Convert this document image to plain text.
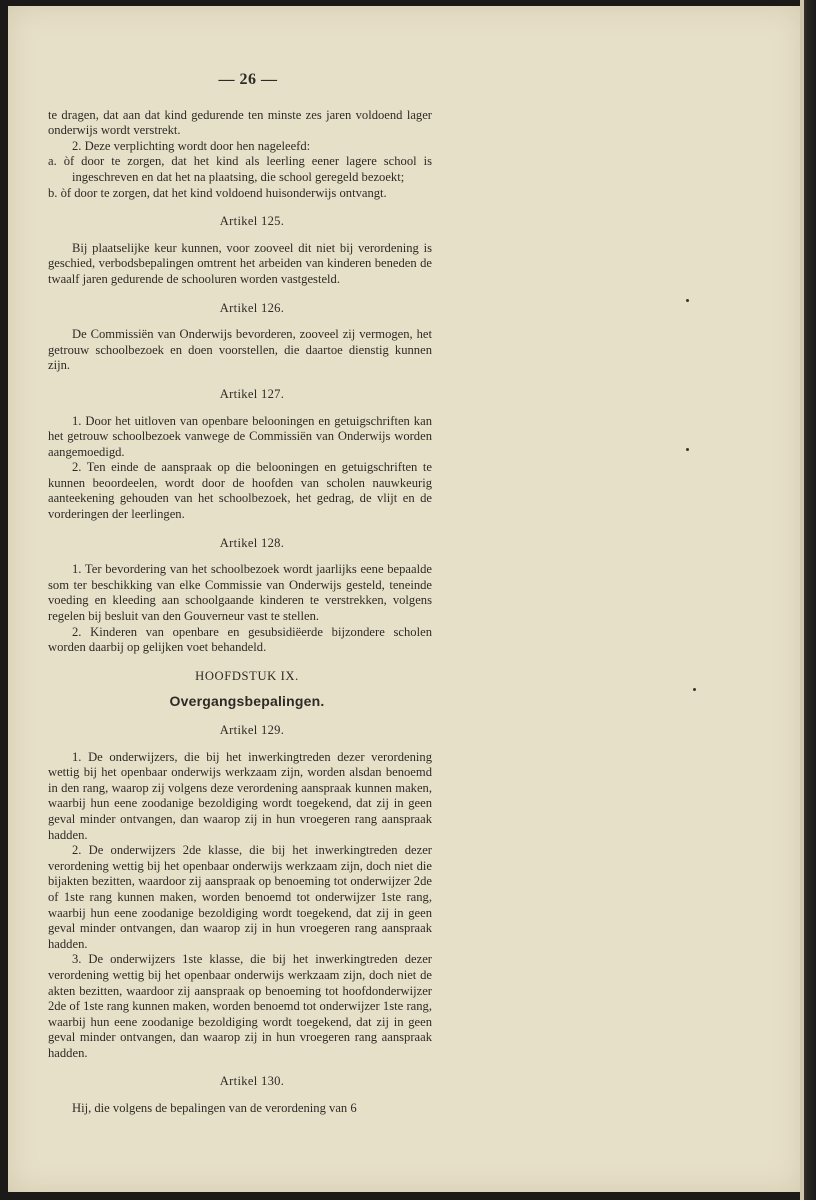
— 26 —

te dragen, dat aan dat kind gedurende ten minste zes jaren voldoend lager onderwijs wordt verstrekt.

2. Deze verplichting wordt door hen nageleefd:

a. òf door te zorgen, dat het kind als leerling eener lagere school is ingeschreven en dat het na plaatsing, die school geregeld bezoekt;

b. òf door te zorgen, dat het kind voldoend huisonderwijs ontvangt.

Artikel 125.

Bij plaatselijke keur kunnen, voor zooveel dit niet bij verordening is geschied, verbodsbepalingen omtrent het arbeiden van kinderen beneden de twaalf jaren gedurende de schooluren worden vastgesteld.

Artikel 126.

De Commissiën van Onderwijs bevorderen, zooveel zij vermogen, het getrouw schoolbezoek en doen voorstellen, die daartoe dienstig kunnen zijn.

Artikel 127.

1. Door het uitloven van openbare belooningen en getuigschriften kan het getrouw schoolbezoek vanwege de Commissiën van Onderwijs worden aangemoedigd.

2. Ten einde de aanspraak op die belooningen en getuigschriften te kunnen beoordeelen, wordt door de hoofden van scholen nauwkeurig aanteekening gehouden van het schoolbezoek, het gedrag, de vlijt en de vorderingen der leerlingen.

Artikel 128.

1. Ter bevordering van het schoolbezoek wordt jaarlijks eene bepaalde som ter beschikking van elke Commissie van Onderwijs gesteld, teneinde voeding en kleeding aan schoolgaande kinderen te verstrekken, volgens regelen bij besluit van den Gouverneur vast te stellen.

2. Kinderen van openbare en gesubsidiëerde bijzondere scholen worden daarbij op gelijken voet behandeld.

HOOFDSTUK IX.
Overgangsbepalingen.
Artikel 129.

1. De onderwijzers, die bij het inwerkingtreden dezer verordening wettig bij het openbaar onderwijs werkzaam zijn, worden alsdan benoemd in den rang, waarop zij volgens deze verordening aanspraak kunnen maken, waarbij hun eene zoodanige bezoldiging wordt toegekend, dat zij in geen geval minder ontvangen, dan waarop zij in hun vroegeren rang aanspraak hadden.

2. De onderwijzers 2de klasse, die bij het inwerkingtreden dezer verordening wettig bij het openbaar onderwijs werkzaam zijn, doch niet die bijakten bezitten, waardoor zij aanspraak op benoeming tot onderwijzer 2de of 1ste rang kunnen maken, worden benoemd tot onderwijzer 1ste rang, waarbij hun eene zoodanige bezoldiging wordt toegekend, dat zij in geen geval minder ontvangen, dan waarop zij in hun vroegeren rang aanspraak hadden.

3. De onderwijzers 1ste klasse, die bij het inwerkingtreden dezer verordening wettig bij het openbaar onderwijs werkzaam zijn, doch niet de akten bezitten, waardoor zij aanspraak op benoeming tot hoofdonderwijzer 2de of 1ste rang kunnen maken, worden benoemd tot onderwijzer 1ste rang, waarbij hun eene zoodanige bezoldiging wordt toegekend, dat zij in geen geval minder ontvangen, dan waarop zij in hun vroegeren rang aanspraak hadden.

Artikel 130.

Hij, die volgens de bepalingen van de verordening van 6
